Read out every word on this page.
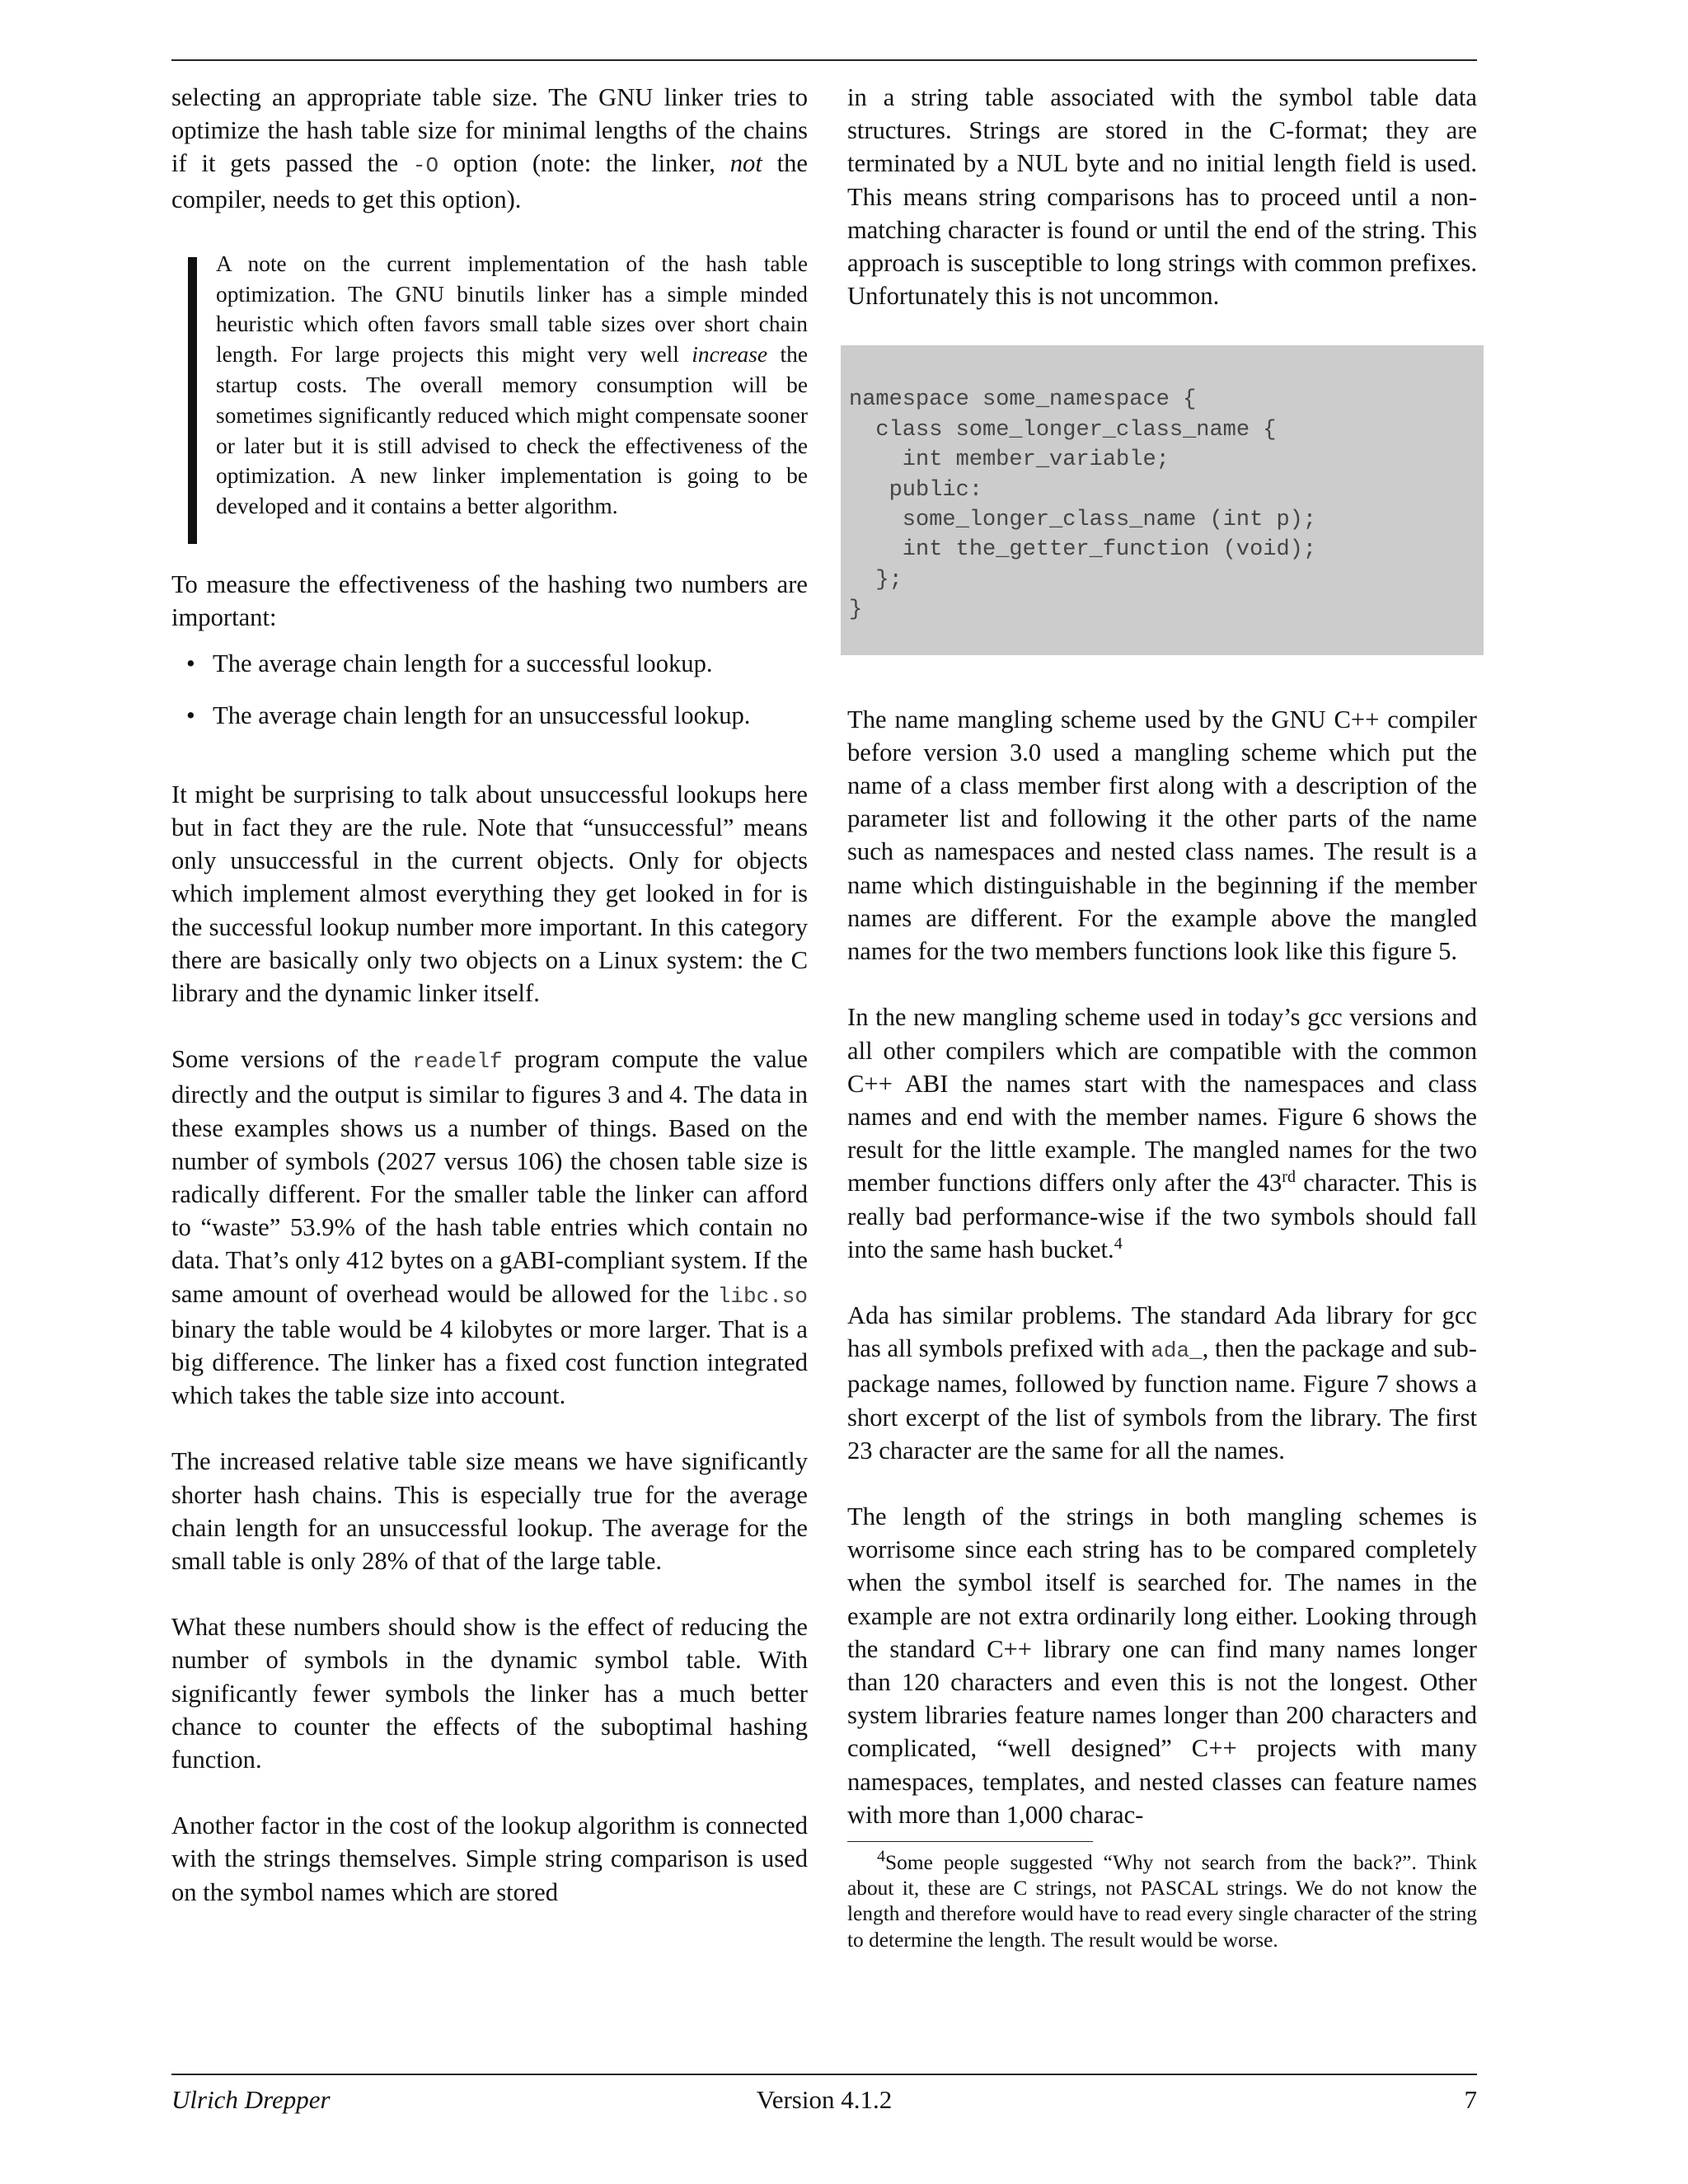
selecting an appropriate table size. The GNU linker tries to optimize the hash table size for minimal lengths of the chains if it gets passed the -O option (note: the linker, not the compiler, needs to get this option).

A note on the current implementation of the hash table optimization. The GNU binutils linker has a simple minded heuristic which often favors small table sizes over short chain length. For large projects this might very well increase the startup costs. The overall memory consumption will be sometimes significantly reduced which might compensate sooner or later but it is still advised to check the effectiveness of the optimization. A new linker implementation is going to be developed and it contains a better algorithm.

To measure the effectiveness of the hashing two numbers are important:

• The average chain length for a successful lookup.
• The average chain length for an unsuccessful lookup.

It might be surprising to talk about unsuccessful lookups here but in fact they are the rule. Note that “unsuccessful” means only unsuccessful in the current objects. Only for objects which implement almost everything they get looked in for is the successful lookup number more important. In this category there are basically only two objects on a Linux system: the C library and the dynamic linker itself.

Some versions of the readelf program compute the value directly and the output is similar to figures 3 and 4. The data in these examples shows us a number of things. Based on the number of symbols (2027 versus 106) the chosen table size is radically different. For the smaller table the linker can afford to “waste” 53.9% of the hash table entries which contain no data. That’s only 412 bytes on a gABI-compliant system. If the same amount of overhead would be allowed for the libc.so binary the table would be 4 kilobytes or more larger. That is a big difference. The linker has a fixed cost function integrated which takes the table size into account.

The increased relative table size means we have significantly shorter hash chains. This is especially true for the average chain length for an unsuccessful lookup. The average for the small table is only 28% of that of the large table.

What these numbers should show is the effect of reducing the number of symbols in the dynamic symbol table. With significantly fewer symbols the linker has a much better chance to counter the effects of the suboptimal hashing function.

Another factor in the cost of the lookup algorithm is connected with the strings themselves. Simple string comparison is used on the symbol names which are stored

in a string table associated with the symbol table data structures. Strings are stored in the C-format; they are terminated by a NUL byte and no initial length field is used. This means string comparisons has to proceed until a non-matching character is found or until the end of the string. This approach is susceptible to long strings with common prefixes. Unfortunately this is not uncommon.

namespace some_namespace {
class some_longer_class_name {
int member_variable;
public:
some_longer_class_name (int p);
int the_getter_function (void);
};
}

The name mangling scheme used by the GNU C++ compiler before version 3.0 used a mangling scheme which put the name of a class member first along with a description of the parameter list and following it the other parts of the name such as namespaces and nested class names. The result is a name which distinguishable in the beginning if the member names are different. For the example above the mangled names for the two members functions look like this figure 5.

In the new mangling scheme used in today’s gcc versions and all other compilers which are compatible with the common C++ ABI the names start with the namespaces and class names and end with the member names. Figure 6 shows the result for the little example. The mangled names for the two member functions differs only after the 43rd character. This is really bad performance-wise if the two symbols should fall into the same hash bucket.$^4$

Ada has similar problems. The standard Ada library for gcc has all symbols prefixed with ada_, then the package and sub-package names, followed by function name. Figure 7 shows a short excerpt of the list of symbols from the library. The first 23 character are the same for all the names.

The length of the strings in both mangling schemes is worrisome since each string has to be compared completely when the symbol itself is searched for. The names in the example are not extra ordinarily long either. Looking through the standard C++ library one can find many names longer than 120 characters and even this is not the longest. Other system libraries feature names longer than 200 characters and complicated, “well designed” C++ projects with many namespaces, templates, and nested classes can feature names with more than 1,000 charac-

$^4$Some people suggested “Why not search from the back?”. Think about it, these are C strings, not PASCAL strings. We do not know the length and therefore would have to read every single character of the string to determine the length. The result would be worse.
Ulrich Drepper	Version 4.1.2	7
